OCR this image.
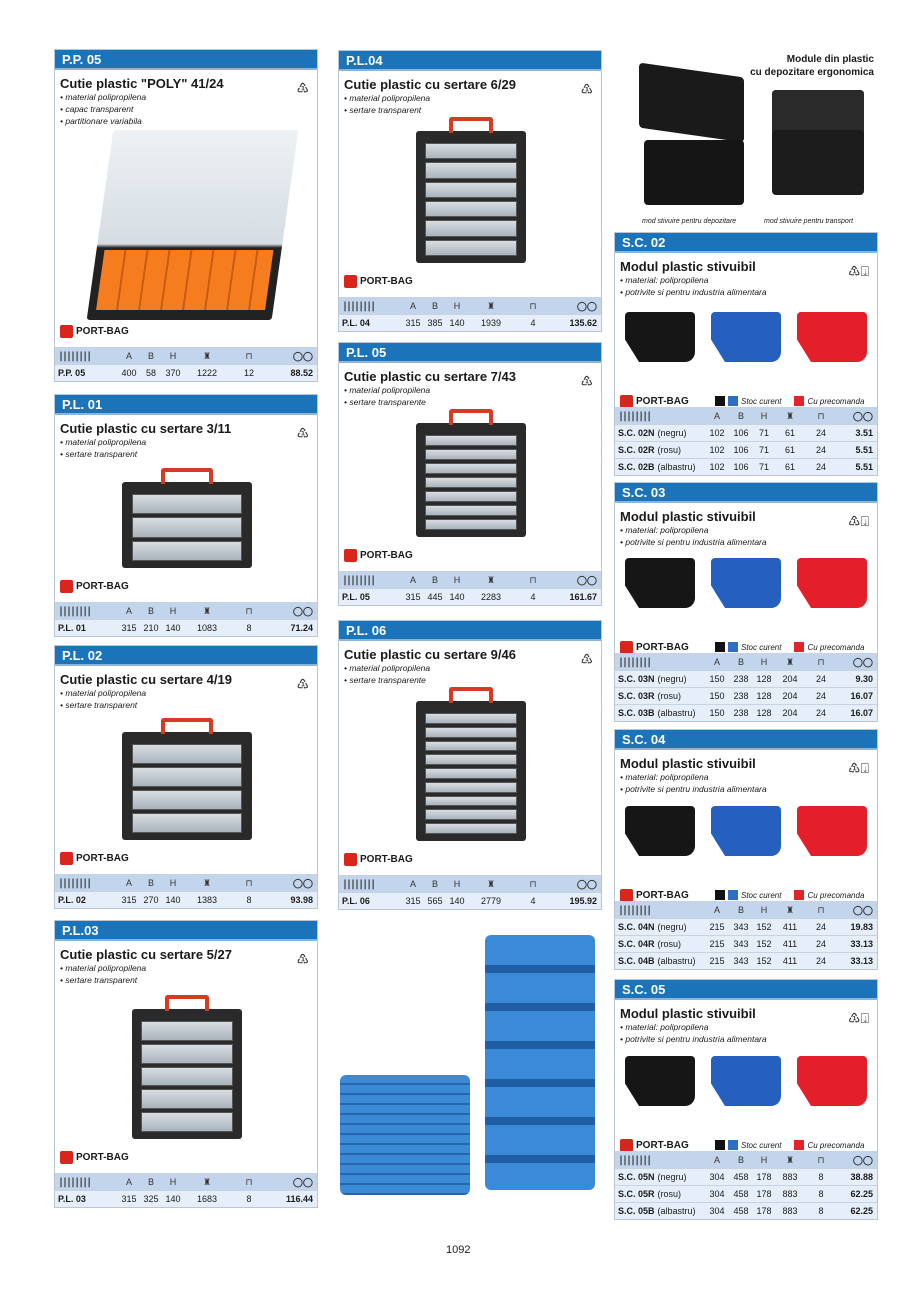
Module din plastic
cu depozitare ergonomica
mod stivuire pentru depozitare	mod stivuire pentru transport
P.P. 05
Cutie plastic "POLY" 41/24
• material polipropilena
• capac transparent
• partitionare variabila
♳
PORT-BAG
||||||||	A	B	H	♜	⊓	◯◯
P.P. 05	400	58	370	1222	12	88.52
P.L. 01
Cutie plastic cu sertare 3/11
• material polipropilena
• sertare transparent
♳
PORT-BAG
||||||||	A	B	H	♜	⊓	◯◯
P.L. 01	315 210 140	1083	8	71.24
P.L. 02
Cutie plastic cu sertare 4/19
• material polipropilena
• sertare transparent
♳
PORT-BAG
||||||||	A	B	H	♜	⊓	◯◯
P.L. 02	315 270 140	1383	8	93.98
P.L.03
Cutie plastic cu sertare 5/27
• material polipropilena
• sertare transparent
♳
PORT-BAG
||||||||	A	B	H	♜	⊓	◯◯
P.L. 03	315 325 140	1683	8	116.44
P.L.04
Cutie plastic cu sertare 6/29
• material polipropilena
• sertare transparent
♳
PORT-BAG
||||||||	A	B	H	♜	⊓	◯◯
P.L. 04	315 385 140	1939	4	135.62
P.L. 05
Cutie plastic cu sertare 7/43
• material polipropilena
• sertare transparente
♳
PORT-BAG
||||||||	A	B	H	♜	⊓	◯◯
P.L. 05	315 445 140	2283	4	161.67
P.L. 06
Cutie plastic cu sertare 9/46
• material polipropilena
• sertare transparente
♳
PORT-BAG
||||||||	A	B	H	♜	⊓	◯◯
P.L. 06	315 565 140	2779	4	195.92
S.C. 02
Modul plastic stivuibil
• material: polipropilena
• potrivite si pentru industria alimentara
♳⍗
PORT-BAG	Stoc curent	Cu precomanda
||||||||	A	B	H	♜	⊓	◯◯
S.C. 02N (negru)	102 106	71	61	24	3.51
S.C. 02R (rosu)	102 106	71	61	24	5.51
S.C. 02B (albastru)	102 106	71	61	24	5.51
S.C. 03
Modul plastic stivuibil
• material: polipropilena
• potrivite si pentru industria alimentara
♳⍗
PORT-BAG	Stoc curent	Cu precomanda
||||||||	A	B	H	♜	⊓	◯◯
S.C. 03N (negru)	150 238 128	204	24	9.30
S.C. 03R (rosu)	150 238 128	204	24	16.07
S.C. 03B (albastru)	150 238 128	204	24	16.07
S.C. 04
Modul plastic stivuibil
• material: polipropilena
• potrivite si pentru industria alimentara
♳⍗
PORT-BAG	Stoc curent	Cu precomanda
||||||||	A	B	H	♜	⊓	◯◯
S.C. 04N (negru)	215 343 152	411	24	19.83
S.C. 04R (rosu)	215 343 152	411	24	33.13
S.C. 04B (albastru)	215 343 152	411	24	33.13
S.C. 05
Modul plastic stivuibil
• material: polipropilena
• potrivite si pentru industria alimentara
♳⍗
PORT-BAG	Stoc curent	Cu precomanda
||||||||	A	B	H	♜	⊓	◯◯
S.C. 05N (negru)	304 458 178	883	8	38.88
S.C. 05R (rosu)	304 458 178	883	8	62.25
S.C. 05B (albastru)	304 458 178	883	8	62.25
1092
